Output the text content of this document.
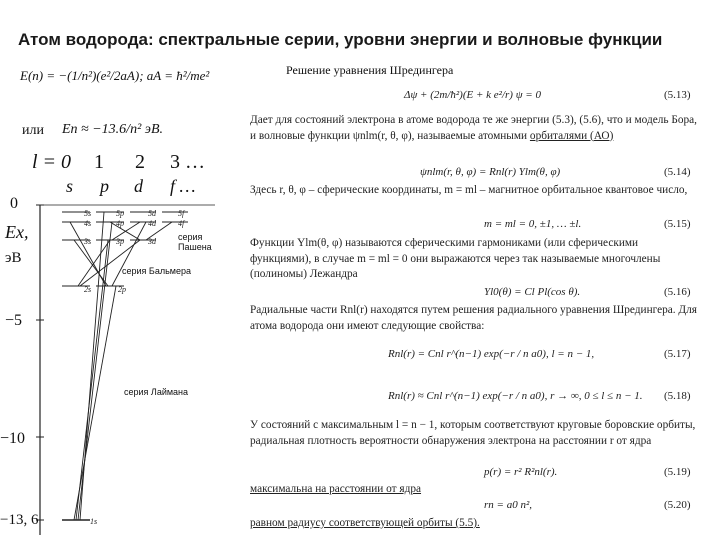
Атом водорода: спектральные серии, уровни энергии и волновые функции
E(n) = −(1/n²)(e²/2aA); aA = ħ²/me²
или En ≈ −13.6/n² эВ.
l = 0 1 2 3 …
s p d f …
5s
4s
3s
5p
4p
3p
5d
4d
3d
5f
4f
2s	2p
1s
Ex,
эВ
0
−5
−10
−13, 6
серия
Пашена
серия Бальмера
серия Лаймана
Решение уравнения Шредингера
Δψ + (2m/ħ²)(E + k e²/r) ψ = 0	(5.13)
Дает для состояний электрона в атоме водорода те же энергии (5.3), (5.6), что и модель Бора, и волновые функции ψnlm(r, θ, φ), называемые атомными орбиталями (АО)
ψnlm(r, θ, φ) = Rnl(r) Ylm(θ, φ)	(5.14)
Здесь r, θ, φ – сферические координаты, m = ml – магнитное орбитальное квантовое число,
m = ml = 0, ±1, … ±l.	(5.15)
Функции Ylm(θ, φ) называются сферическими гармониками (или сферическими функциями), в случае m = ml = 0 они выражаются через так называемые многочлены (полиномы) Лежандра
Yl0(θ) = Cl Pl(cos θ).	(5.16)
Радиальные части Rnl(r) находятся путем решения радиального уравнения Шредингера. Для атома водорода они имеют следующие свойства:
Rnl(r) = Cnl r^(n−1) exp(−r / n a0), l = n − 1,	(5.17)
Rnl(r) ≈ Cnl r^(n−1) exp(−r / n a0), r → ∞, 0 ≤ l ≤ n − 1. (5.18)
У состояний с максимальным l = n − 1, которым соответствуют круговые боровские орбиты, радиальная плотность вероятности обнаружения электрона на расстоянии r от ядра
p(r) = r² R²nl(r).	(5.19)
максимальна на расстоянии от ядра
rn = a0 n²,	(5.20)
равном радиусу соответствующей орбиты (5.5).
